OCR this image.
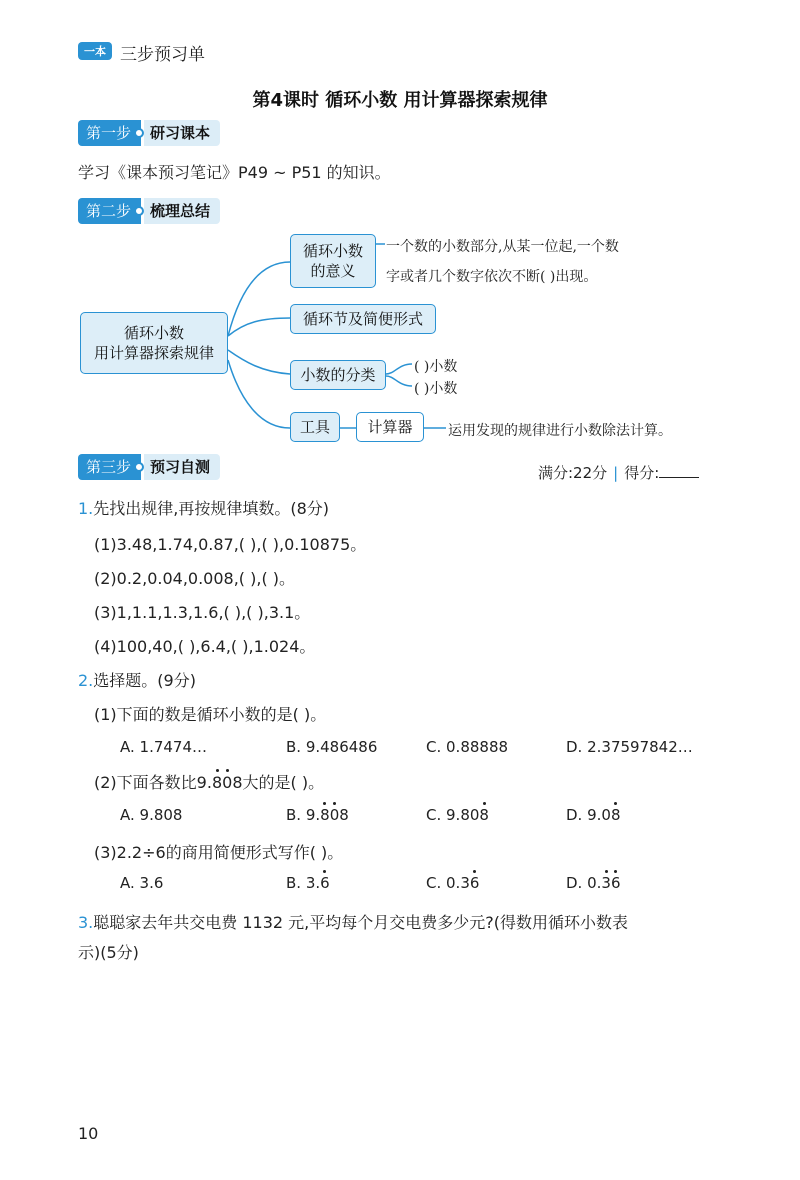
一本 三步预习单
第4课时 循环小数 用计算器探索规律
第一步	研习课本
学习《课本预习笔记》P49 ~ P51 的知识。
第二步	梳理总结
循环小数
用计算器探索规律
循环小数
的意义
一个数的小数部分,从某一位起,一个数
字或者几个数字依次不断( )出现。
循环节及简便形式
小数的分类	( )小数
( )小数
工具	计算器	运用发现的规律进行小数除法计算。
第三步	预习自测	满分:22分 | 得分:
1.先找出规律,再按规律填数。(8分)
(1)3.48,1.74,0.87,( ),( ),0.10875。
(2)0.2,0.04,0.008,( ),( )。
(3)1,1.1,1.3,1.6,( ),( ),3.1。
(4)100,40,( ),6.4,( ),1.024。
2.选择题。(9分)
(1)下面的数是循环小数的是( )。
A. 1.7474…	B. 9.486486	C. 0.88888	D. 2.37597842…
(2)下面各数比9.808大的是( )。
A. 9.808	B. 9.808	C. 9.808	D. 9.08
(3)2.2÷6的商用简便形式写作( )。
A. 3.6	B. 3.6	C. 0.36	D. 0.36
3.聪聪家去年共交电费 1132 元,平均每个月交电费多少元?(得数用循环小数表
示)(5分)
10
